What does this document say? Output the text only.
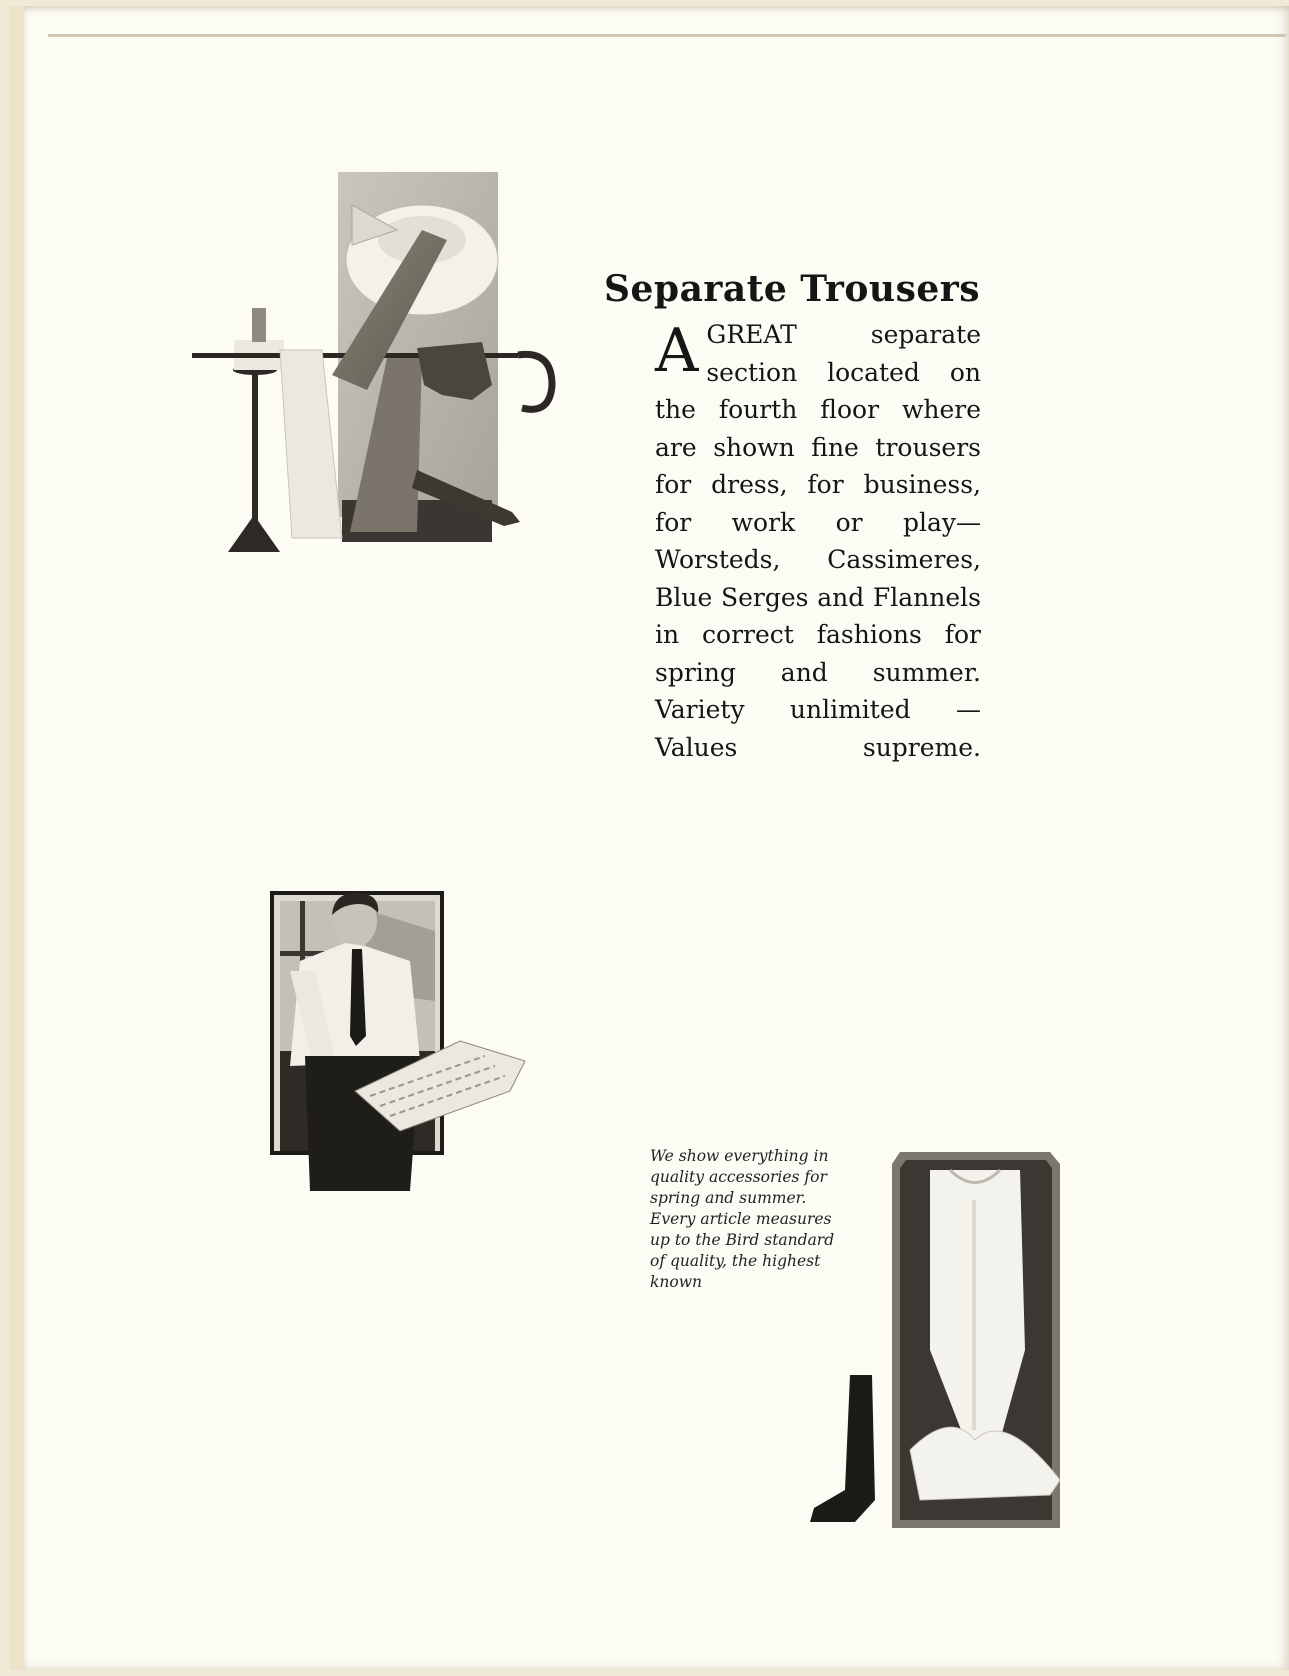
Separate Trousers
A GREAT separate section located on the fourth floor where are shown fine trousers for dress, for business, for work or play—Worsteds, Cassimeres, Blue Serges and Flannels in correct fashions for spring and summer. Variety unlimited —Values supreme.
We show everything in quality accessories for spring and summer. Every article measures up to the Bird standard of quality, the highest known
